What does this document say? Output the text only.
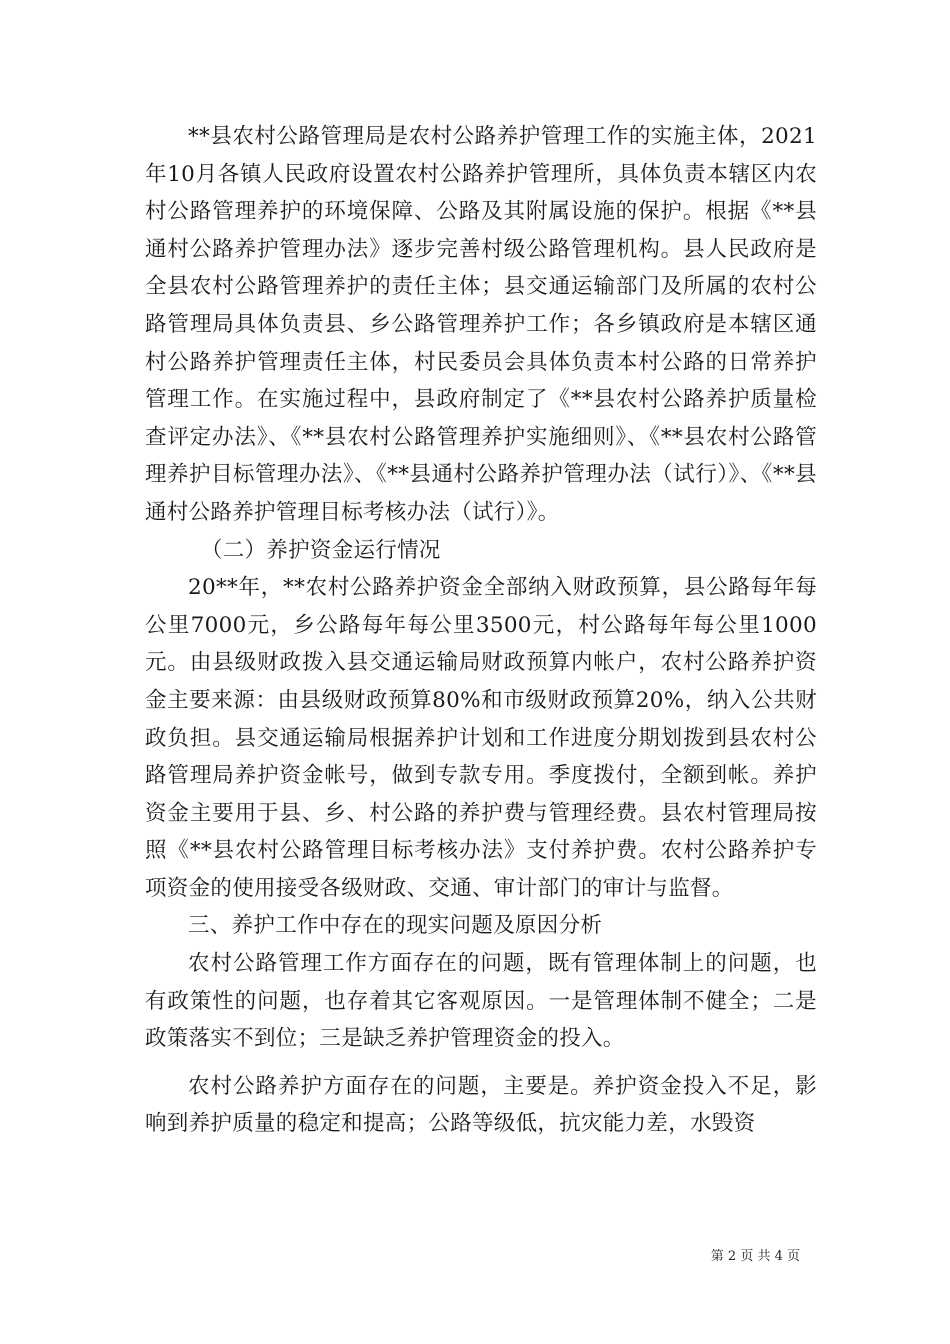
**县农村公路管理局是农村公路养护管理工作的实施主体，2021年10月各镇人民政府设置农村公路养护管理所，具体负责本辖区内农村公路管理养护的环境保障、公路及其附属设施的保护。根据《**县通村公路养护管理办法》逐步完善村级公路管理机构。县人民政府是全县农村公路管理养护的责任主体；县交通运输部门及所属的农村公路管理局具体负责县、乡公路管理养护工作；各乡镇政府是本辖区通村公路养护管理责任主体，村民委员会具体负责本村公路的日常养护管理工作。在实施过程中，县政府制定了《**县农村公路养护质量检查评定办法》、《**县农村公路管理养护实施细则》、《**县农村公路管理养护目标管理办法》、《**县通村公路养护管理办法（试行）》、《**县通村公路养护管理目标考核办法（试行）》。

（二）养护资金运行情况

20**年，**农村公路养护资金全部纳入财政预算，县公路每年每公里7000元，乡公路每年每公里3500元，村公路每年每公里1000元。由县级财政拨入县交通运输局财政预算内帐户，农村公路养护资金主要来源：由县级财政预算80%和市级财政预算20%，纳入公共财政负担。县交通运输局根据养护计划和工作进度分期划拨到县农村公路管理局养护资金帐号，做到专款专用。季度拨付，全额到帐。养护资金主要用于县、乡、村公路的养护费与管理经费。县农村管理局按照《**县农村公路管理目标考核办法》支付养护费。农村公路养护专项资金的使用接受各级财政、交通、审计部门的审计与监督。

三、养护工作中存在的现实问题及原因分析

农村公路管理工作方面存在的问题，既有管理体制上的问题，也有政策性的问题，也存着其它客观原因。一是管理体制不健全；二是政策落实不到位；三是缺乏养护管理资金的投入。

农村公路养护方面存在的问题，主要是。养护资金投入不足，影响到养护质量的稳定和提高；公路等级低，抗灾能力差，水毁资

第 2 页 共 4 页
